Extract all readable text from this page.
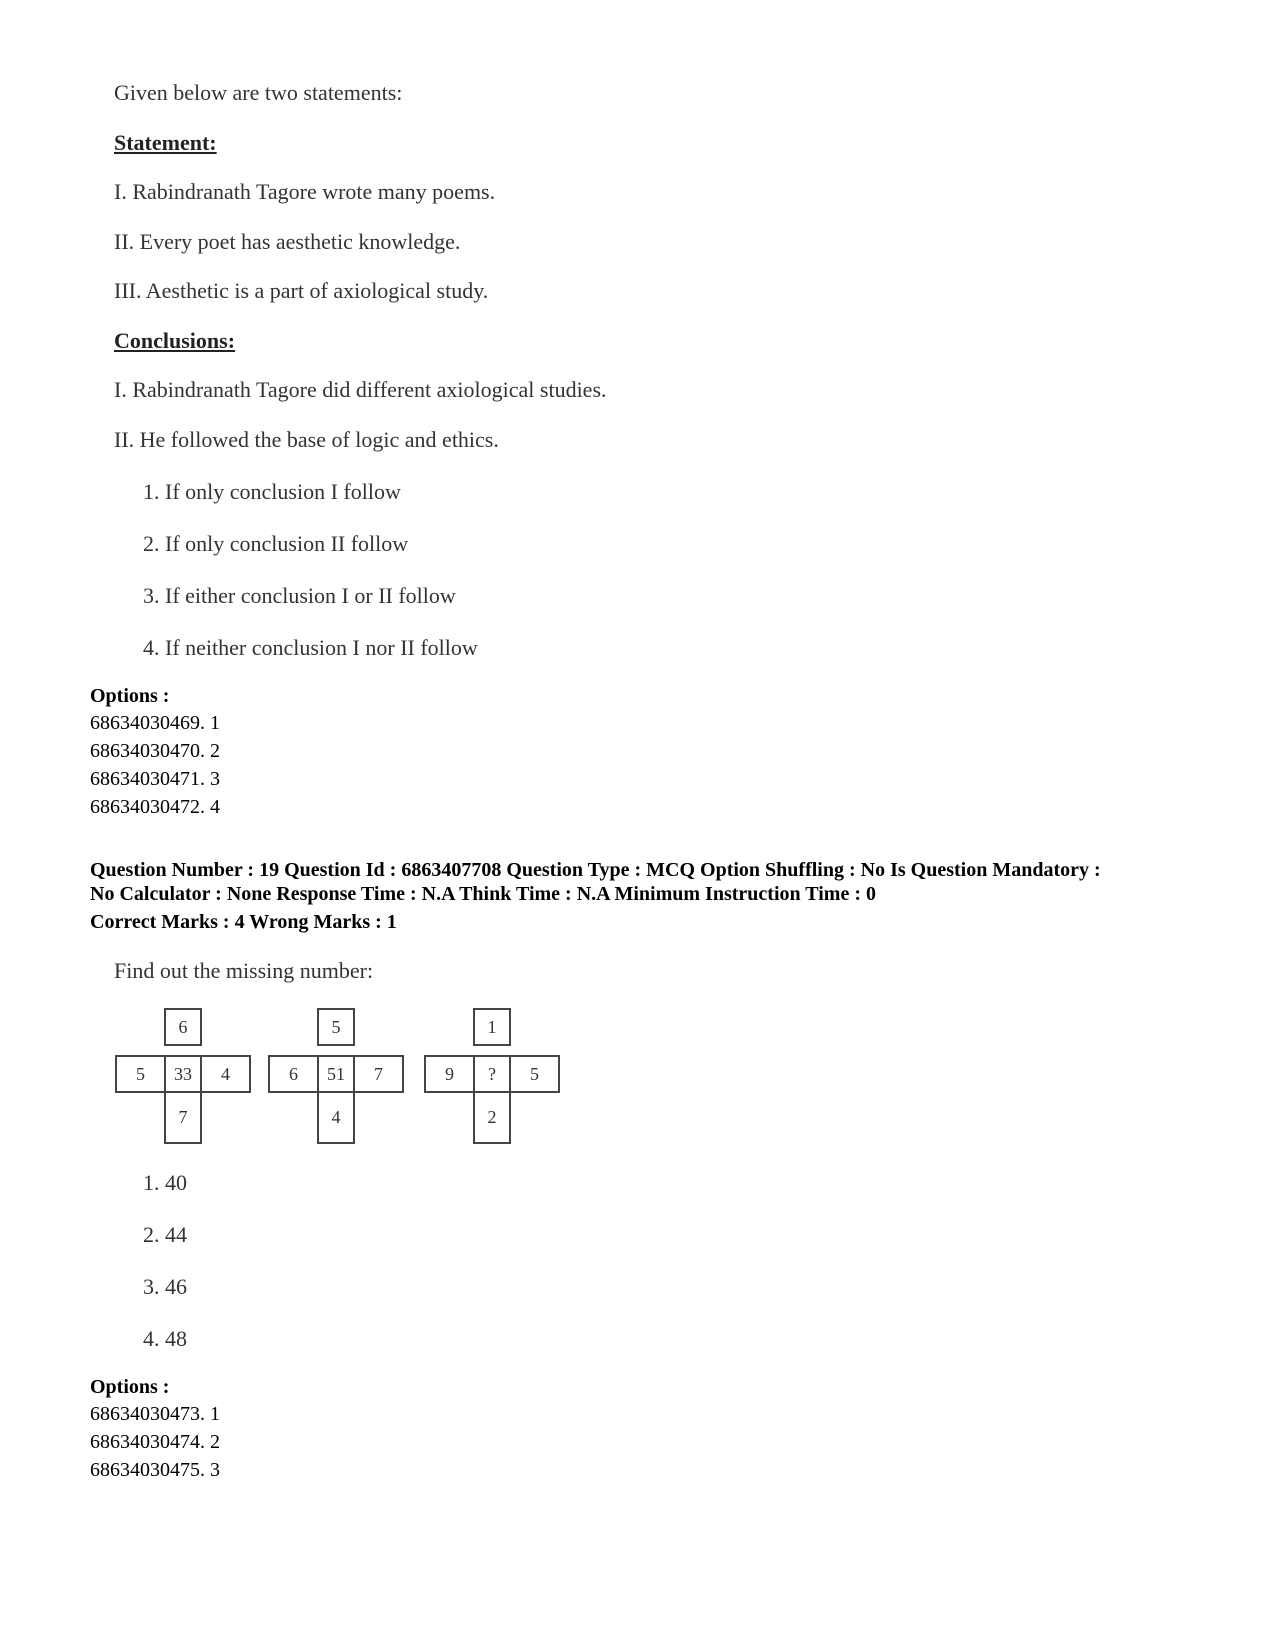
Given below are two statements:
Statement:
I. Rabindranath Tagore wrote many poems.
II. Every poet has aesthetic knowledge.
III. Aesthetic is a part of axiological study.
Conclusions:
I. Rabindranath Tagore did different axiological studies.
II. He followed the base of logic and ethics.
1. If only conclusion I follow
2. If only conclusion II follow
3. If either conclusion I or II follow
4. If neither conclusion I nor II follow
Options :
68634030469. 1
68634030470. 2
68634030471. 3
68634030472. 4
Question Number : 19 Question Id : 6863407708 Question Type : MCQ Option Shuffling : No Is Question Mandatory :
No Calculator : None Response Time : N.A Think Time : N.A Minimum Instruction Time : 0
Correct Marks : 4 Wrong Marks : 1
Find out the missing number:
6
5	33	4
7
5
6	51	7
4
1
9	?	5
2
1. 40
2. 44
3. 46
4. 48
Options :
68634030473. 1
68634030474. 2
68634030475. 3
